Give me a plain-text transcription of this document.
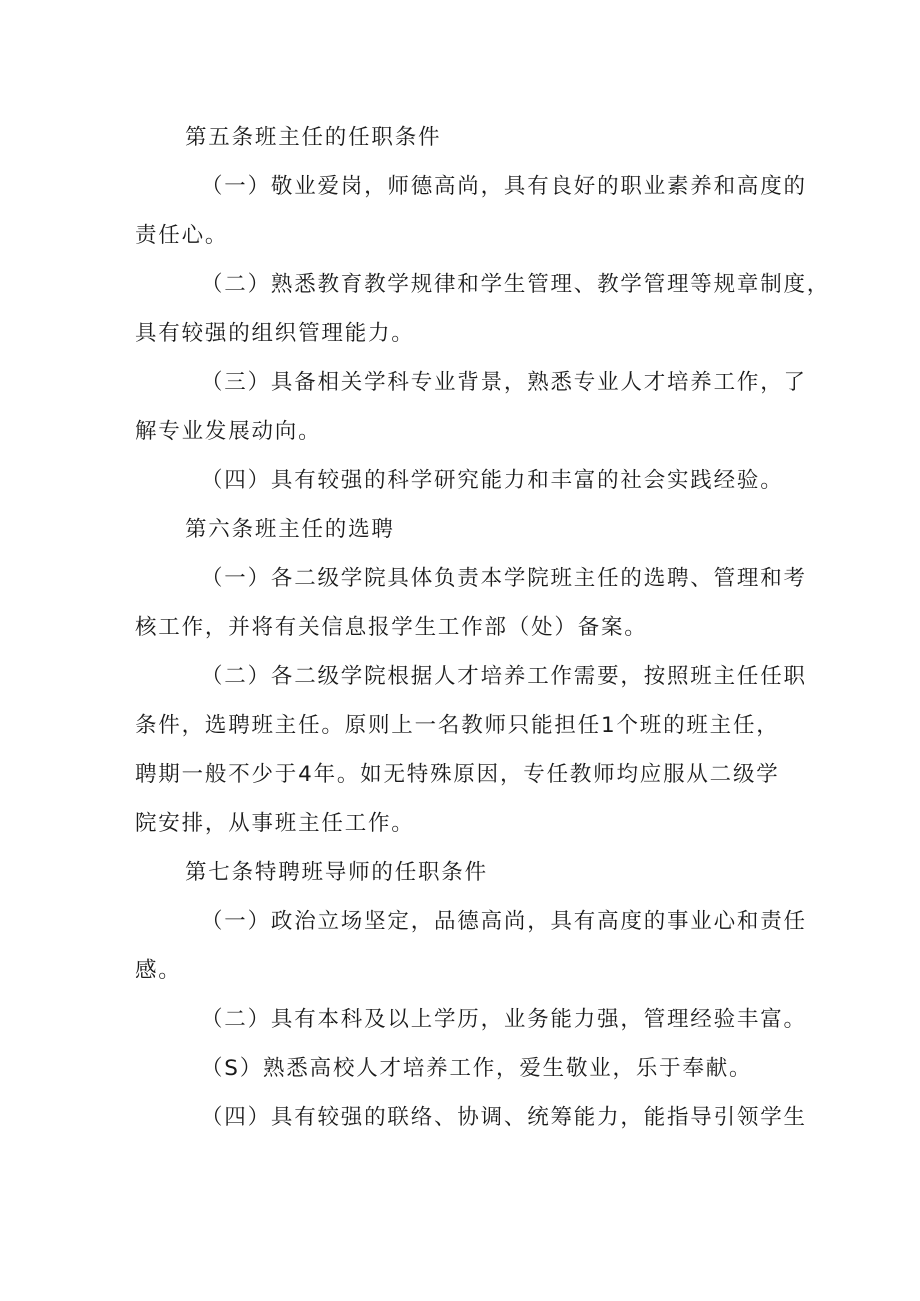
第五条班主任的任职条件
（一）敬业爱岗，师德高尚，具有良好的职业素养和高度的
责任心。
（二）熟悉教育教学规律和学生管理、教学管理等规章制度，
具有较强的组织管理能力。
（三）具备相关学科专业背景，熟悉专业人才培养工作，了
解专业发展动向。
（四）具有较强的科学研究能力和丰富的社会实践经验。
第六条班主任的选聘
（一）各二级学院具体负责本学院班主任的选聘、管理和考
核工作，并将有关信息报学生工作部（处）备案。
（二）各二级学院根据人才培养工作需要，按照班主任任职
条件，选聘班主任。原则上一名教师只能担任1个班的班主任，
聘期一般不少于4年。如无特殊原因，专任教师均应服从二级学
院安排，从事班主任工作。
第七条特聘班导师的任职条件
（一）政治立场坚定，品德高尚，具有高度的事业心和责任
感。
（二）具有本科及以上学历，业务能力强，管理经验丰富。
（S）熟悉高校人才培养工作，爱生敬业，乐于奉献。
（四）具有较强的联络、协调、统筹能力，能指导引领学生
